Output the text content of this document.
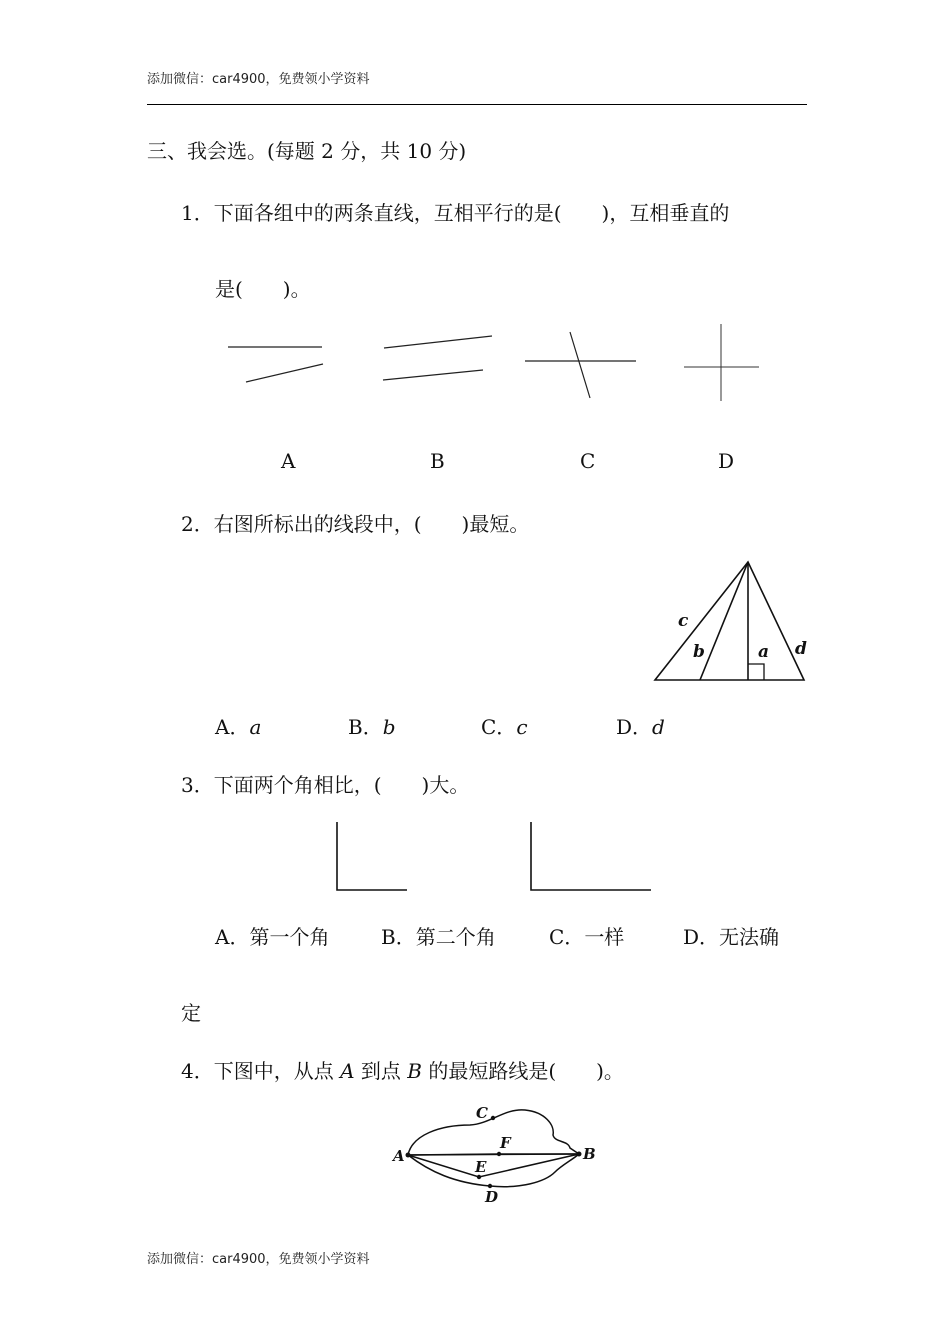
添加微信：car4900，免费领小学资料
三、我会选。(每题 2 分，共 10 分)
1．下面各组中的两条直线，互相平行的是(　　)，互相垂直的
是(　　)。
A	B	C	D
2．右图所标出的线段中，(　　)最短。
c
b	a d
A．a	B．b	C．c	D．d
3．下面两个角相比，(　　)大。
A．第一个角	B．第二个角	C．一样	D．无法确
定
4．下图中，从点 A 到点 B 的最短路线是(　　)。
A	B
C
F
E
D
添加微信：car4900，免费领小学资料
